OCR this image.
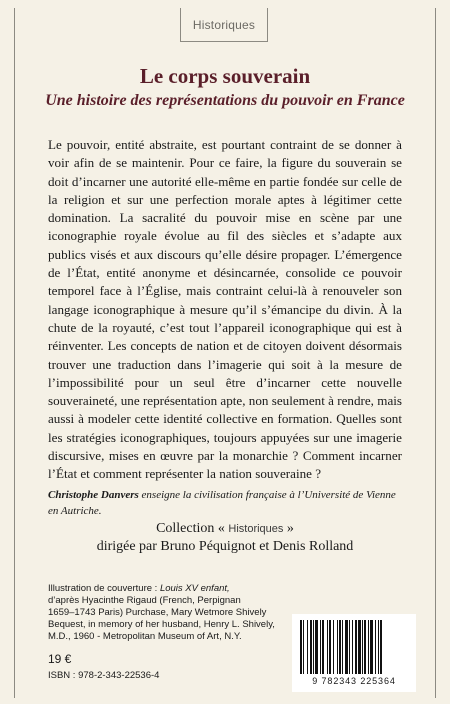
Historiques
Le corps souverain
Une histoire des représentations du pouvoir en France

Le pouvoir, entité abstraite, est pourtant contraint de se donner à voir afin de se maintenir. Pour ce faire, la figure du souverain se doit d’incarner une autorité elle-même en partie fondée sur celle de la religion et sur une perfection morale aptes à légitimer cette domination. La sacralité du pouvoir mise en scène par une iconographie royale évolue au fil des siècles et s’adapte aux publics visés et aux discours qu’elle désire propager. L’émergence de l’État, entité anonyme et désincarnée, consolide ce pouvoir temporel face à l’Église, mais contraint celui-là à renouveler son langage iconographique à mesure qu’il s’émancipe du divin. À la chute de la royauté, c’est tout l’appareil iconographique qui est à réinventer. Les concepts de nation et de citoyen doivent désormais trouver une traduction dans l’imagerie qui soit à la mesure de l’impossibilité pour un seul être d’incarner cette nouvelle souveraineté, une représentation apte, non seulement à rendre, mais aussi à modeler cette identité collective en formation. Quelles sont les stratégies iconographiques, toujours appuyées sur une imagerie discursive, mises en œuvre par la monarchie ? Comment incarner l’État et comment représenter la nation souveraine ?

Christophe Danvers enseigne la civilisation française à l’Université de Vienne en Autriche.

Collection « Historiques »
dirigée par Bruno Péquignot et Denis Rolland
Illustration de couverture : Louis XV enfant,
d’après Hyacinthe Rigaud (French, Perpignan
1659–1743 Paris) Purchase, Mary Wetmore Shively
Bequest, in memory of her husband, Henry L. Shively,
M.D., 1960 - Metropolitan Museum of Art, N.Y.
19 €
ISBN : 978-2-343-22536-4	9 782343 225364
